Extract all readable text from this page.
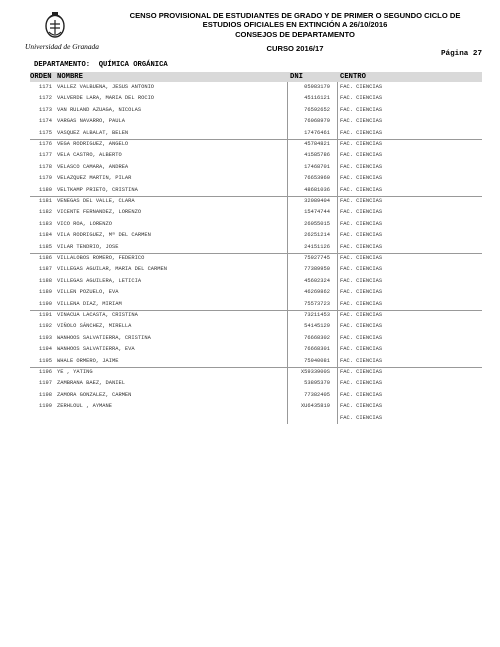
Universidad de Granada
CENSO PROVISIONAL DE ESTUDIANTES DE GRADO Y DE PRIMER O SEGUNDO CICLO DE
ESTUDIOS OFICIALES EN EXTINCIÓN A 26/10/2016
CONSEJOS DE DEPARTAMENTO
CURSO 2016/17
Página 27
DEPARTAMENTO: QUÍMICA ORGÁNICA
ORDEN NOMBRE	DNI	CENTRO
1171 VALLEZ VALBUENA, JESUS ANTONIO	05983179 FAC. CIENCIAS
1172 VALVERDE LARA, MARIA DEL ROCIO	45116121 FAC. CIENCIAS
1173 VAN RULAND AZUAGA, NICOLAS	76592652 FAC. CIENCIAS
1174 VARGAS NAVARRO, PAULA	76068979 FAC. CIENCIAS
1175 VASQUEZ ALBALAT, BELEN	17476461 FAC. CIENCIAS
1176 VEGA RODRIGUEZ, ANGELO	45784821 FAC. CIENCIAS
1177 VELA CASTRO, ALBERTO	41585786 FAC. CIENCIAS
1178 VELASCO CAMARA, ANDREA	17468701 FAC. CIENCIAS
1179 VELAZQUEZ MARTIN, PILAR	76653960 FAC. CIENCIAS
1180 VELTKAMP PRIETO, CRISTINA	48681036 FAC. CIENCIAS
1181 VENEGAS DEL VALLE, CLARA	32089404 FAC. CIENCIAS
1182 VICENTE FERNANDEZ, LORENZO	15474744 FAC. CIENCIAS
1183 VICO ROA, LORENZO	26055015 FAC. CIENCIAS
1184 VILA RODRIGUEZ, Mª DEL CARMEN	26251214 FAC. CIENCIAS
1185 VILAR TENDRIO, JOSE	24151126 FAC. CIENCIAS
1186 VILLALOBOS ROMERO, FEDERICO	75927745 FAC. CIENCIAS
1187 VILLEGAS AGUILAR, MARIA DEL CARMEN	77389950 FAC. CIENCIAS
1188 VILLEGAS AGUILERA, LETICIA	45602324 FAC. CIENCIAS
1189 VILLEN POZUELO, EVA	46269862 FAC. CIENCIAS
1190 VILLENA DIAZ, MIRIAM	75573723 FAC. CIENCIAS
1191 VINACUA LACASTA, CRISTINA	73211453 FAC. CIENCIAS
1192 VIÑOLO SÁNCHEZ, MIRELLA	54145129 FAC. CIENCIAS
1193 WANHOOS SALVATIERRA, CRISTINA	76668302 FAC. CIENCIAS
1194 WANHOOS SALVATIERRA, EVA	76668301 FAC. CIENCIAS
1195 WHALE ORMERO, JAIME	75940081 FAC. CIENCIAS
1196 YE , YATING	X5933900S FAC. CIENCIAS
1197 ZAMBRANA BAEZ, DANIEL	53895370 FAC. CIENCIAS
1198 ZAMORA GONZALEZ, CARMEN	77382405 FAC. CIENCIAS
1199 ZERHLOUL , AYMANE	XU6435819 FAC. CIENCIAS
FAC. CIENCIAS
